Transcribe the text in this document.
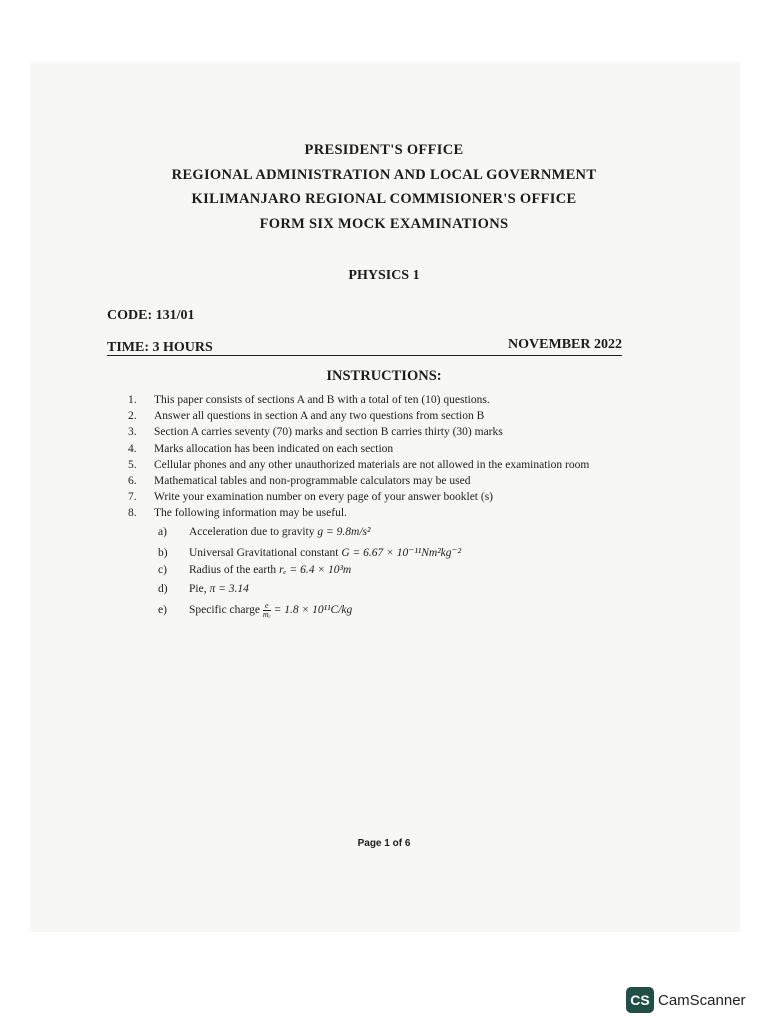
PRESIDENT'S OFFICE
REGIONAL ADMINISTRATION AND LOCAL GOVERNMENT
KILIMANJARO REGIONAL COMMISIONER'S OFFICE
FORM SIX MOCK EXAMINATIONS
PHYSICS 1
CODE: 131/01
TIME: 3 HOURS	NOVEMBER 2022
INSTRUCTIONS:
1. This paper consists of sections A and B with a total of ten (10) questions.
2. Answer all questions in section A and any two questions from section B
3. Section A carries seventy (70) marks and section B carries thirty (30) marks
4. Marks allocation has been indicated on each section
5. Cellular phones and any other unauthorized materials are not allowed in the examination room
6. Mathematical tables and non-programmable calculators may be used
7. Write your examination number on every page of your answer booklet (s)
8. The following information may be useful.
a) Acceleration due to gravity g = 9.8m/s²
b) Universal Gravitational constant G = 6.67 × 10⁻¹¹Nm²kg⁻²
c) Radius of the earth rₑ = 6.4 × 10³m
d) Pie, π = 3.14
e) Specific charge $\frac{e}{\text{mₑ}} = 1.8 \times 10^{11}C/kg$
Page 1 of 6
CS CamScanner
